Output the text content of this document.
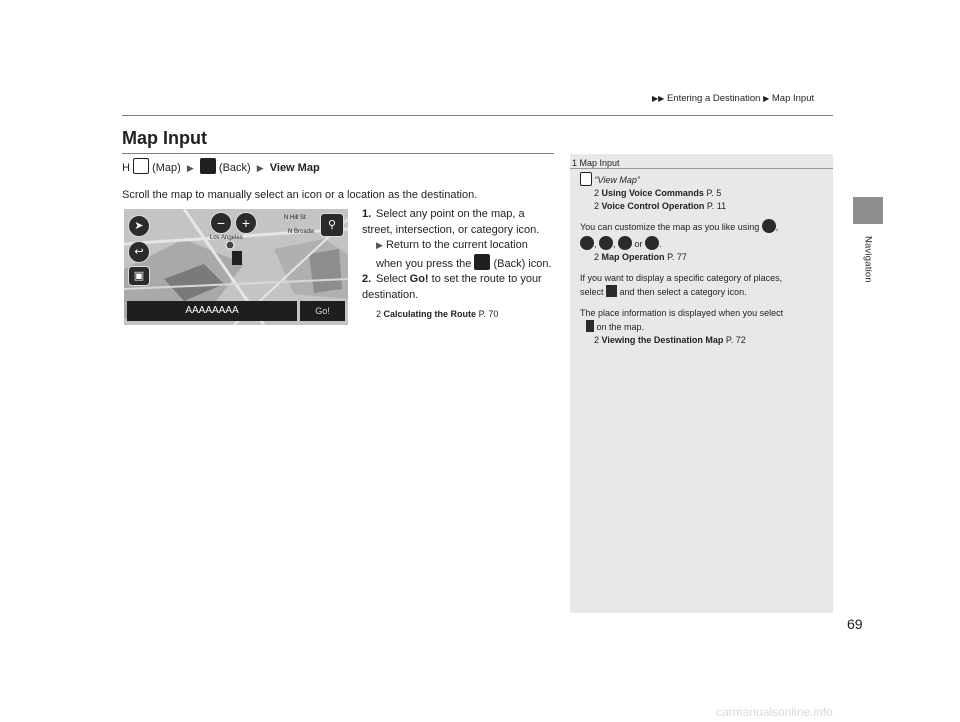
▶▶ Entering a Destination ▶ Map Input
Navigation
Map Input
H (Map) ▶ (Back) ▶ View Map
Scroll the map to manually select an icon or a location as the destination.
Los Angeles
N Broadw
N Hill St
➤
↩
▣
−	+	⚲
AAAAAAAA	Go!
1. Select any point on the map, a street, intersection, or category icon.
▶ Return to the current location when you press the (Back) icon.
2. Select Go! to set the route to your destination.
2 Calculating the Route P. 70
1 Map Input
“View Map”
2 Using Voice Commands P. 5
2 Voice Control Operation P. 11
You can customize the map as you like using ,
, ,  or .
2 Map Operation P. 77
If you want to display a specific category of places,
select and then select a category icon.
The place information is displayed when you select
on the map.
2 Viewing the Destination Map P. 72
69
carmanualsonline.info
